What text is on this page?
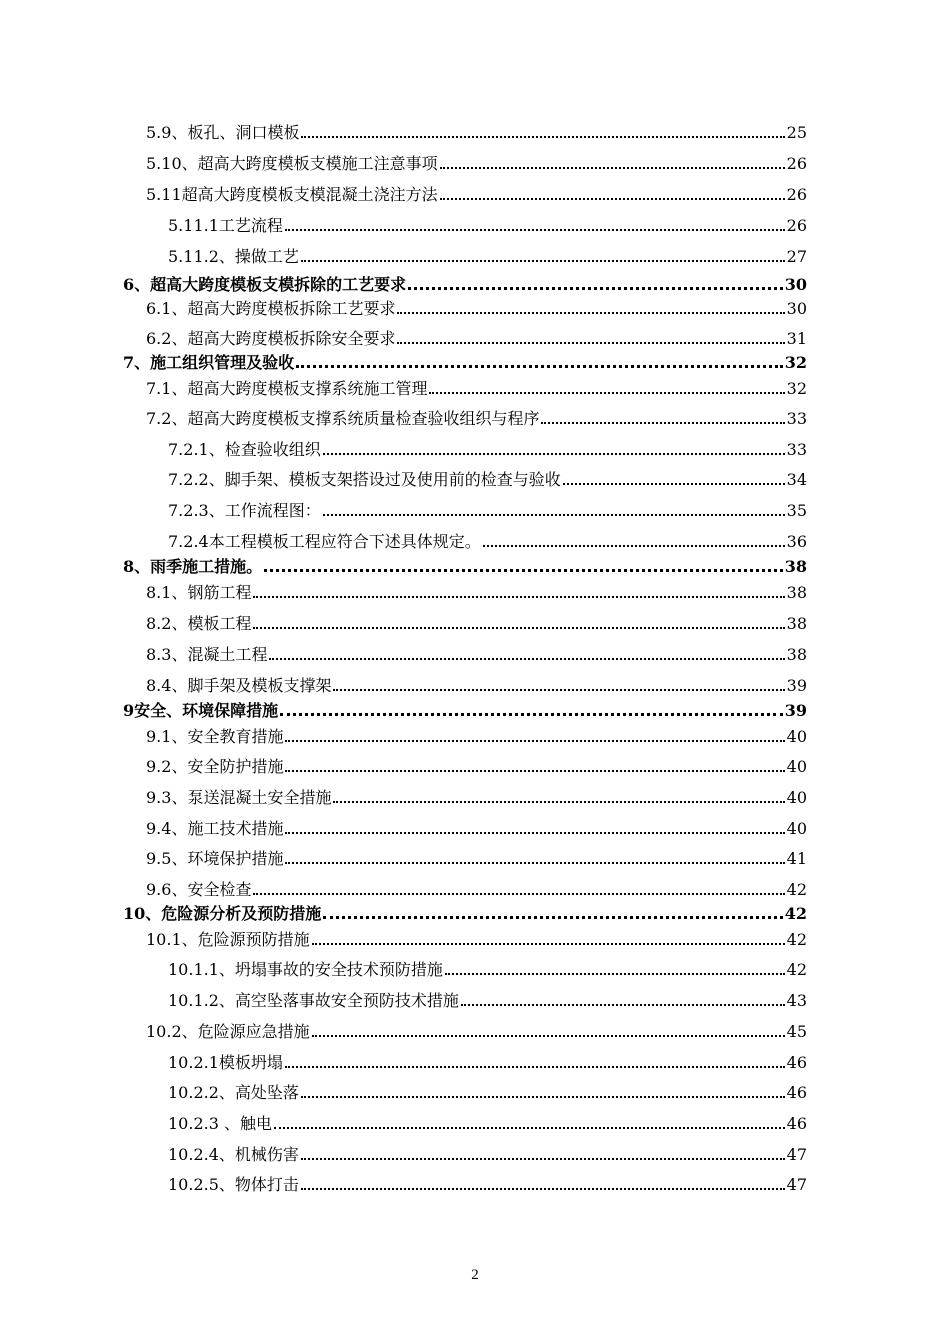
5.9、板孔、洞口模板	25
5.10、超高大跨度模板支模施工注意事项	26
5.11超高大跨度模板支模混凝土浇注方法	26
5.11.1工艺流程	26
5.11.2、操做工艺	27
6、超高大跨度模板支模拆除的工艺要求	30
6.1、超高大跨度模板拆除工艺要求	30
6.2、超高大跨度模板拆除安全要求	31
7、施工组织管理及验收	32
7.1、超高大跨度模板支撑系统施工管理	32
7.2、超高大跨度模板支撑系统质量检查验收组织与程序	33
7.2.1、检查验收组织	33
7.2.2、脚手架、模板支架搭设过及使用前的检查与验收	34
7.2.3、工作流程图：	35
7.2.4本工程模板工程应符合下述具体规定。	36
8、雨季施工措施。	38
8.1、钢筋工程	38
8.2、模板工程	38
8.3、混凝土工程	38
8.4、脚手架及模板支撑架	39
9安全、环境保障措施	39
9.1、安全教育措施	40
9.2、安全防护措施	40
9.3、泵送混凝土安全措施	40
9.4、施工技术措施	40
9.5、环境保护措施	41
9.6、安全检查	42
10、危险源分析及预防措施	42
10.1、危险源预防措施	42
10.1.1、坍塌事故的安全技术预防措施	42
10.1.2、高空坠落事故安全预防技术措施	43
10.2、危险源应急措施	45
10.2.1模板坍塌	46
10.2.2、高处坠落	46
10.2.3 、触电	46
10.2.4、机械伤害	47
10.2.5、物体打击	47
2
